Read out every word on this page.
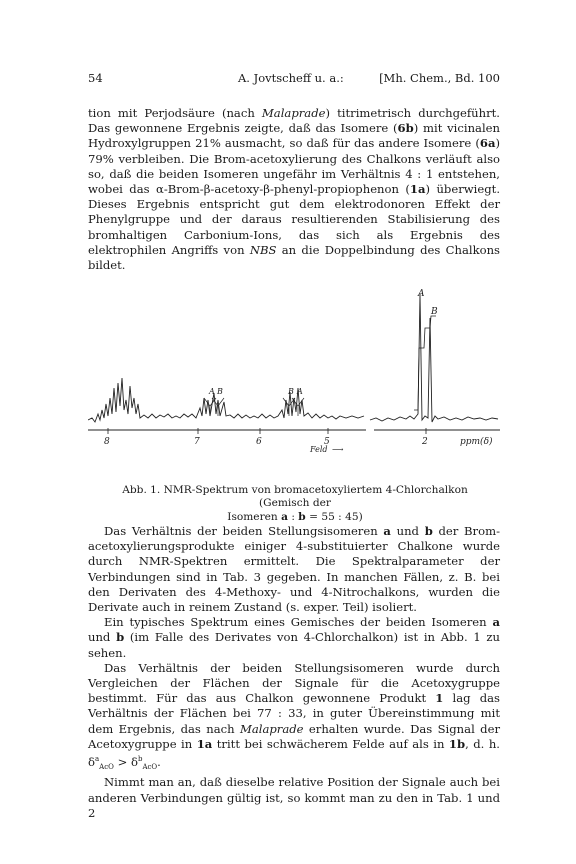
54	A. Jovtscheff u. a.:	[Mh. Chem., Bd. 100

tion mit Perjodsäure (nach Malaprade) titrimetrisch durchgeführt. Das gewonnene Ergebnis zeigte, daß das Isomere (6b) mit vicinalen Hydroxylgruppen 21% ausmacht, so daß für das andere Isomere (6a) 79% verbleiben. Die Brom-acetoxylierung des Chalkons verläuft also so, daß die beiden Isomeren ungefähr im Verhältnis 4 : 1 entstehen, wobei das α-Brom-β-acetoxy-β-phenyl-propiophenon (1a) überwiegt. Dieses Ergebnis entspricht gut dem elektrodonoren Effekt der Phenylgruppe und der daraus resultierenden Stabilisierung des bromhaltigen Carbonium-Ions, das sich als Ergebnis des elektrophilen Angriffs von NBS an die Doppelbindung des Chalkons bildet.

A
B
A B	B A
8	7	6	5	2	ppm(δ)
Feld ⟶
Abb. 1. NMR-Spektrum von bromacetoxyliertem 4-Chlorchalkon (Gemisch der
Isomeren a : b = 55 : 45)

Das Verhältnis der beiden Stellungsisomeren a und b der Brom-acetoxylierungsprodukte einiger 4-substituierter Chalkone wurde durch NMR-Spektren ermittelt. Die Spektralparameter der Verbindungen sind in Tab. 3 gegeben. In manchen Fällen, z. B. bei den Derivaten des 4-Methoxy- und 4-Nitrochalkons, wurden die Derivate auch in reinem Zustand (s. exper. Teil) isoliert.

Ein typisches Spektrum eines Gemisches der beiden Isomeren a und b (im Falle des Derivates von 4-Chlorchalkon) ist in Abb. 1 zu sehen.

Das Verhältnis der beiden Stellungsisomeren wurde durch Vergleichen der Flächen der Signale für die Acetoxygruppe bestimmt. Für das aus Chalkon gewonnene Produkt 1 lag das Verhältnis der Flächen bei 77 : 33, in guter Übereinstimmung mit dem Ergebnis, das nach Malaprade erhalten wurde. Das Signal der Acetoxygruppe in 1a tritt bei schwächerem Felde auf als in 1b, d. h. $\delta^a_{AcO} > \delta^b_{AcO}$.

Nimmt man an, daß dieselbe relative Position der Signale auch bei anderen Verbindungen gültig ist, so kommt man zu den in Tab. 1 und 2
